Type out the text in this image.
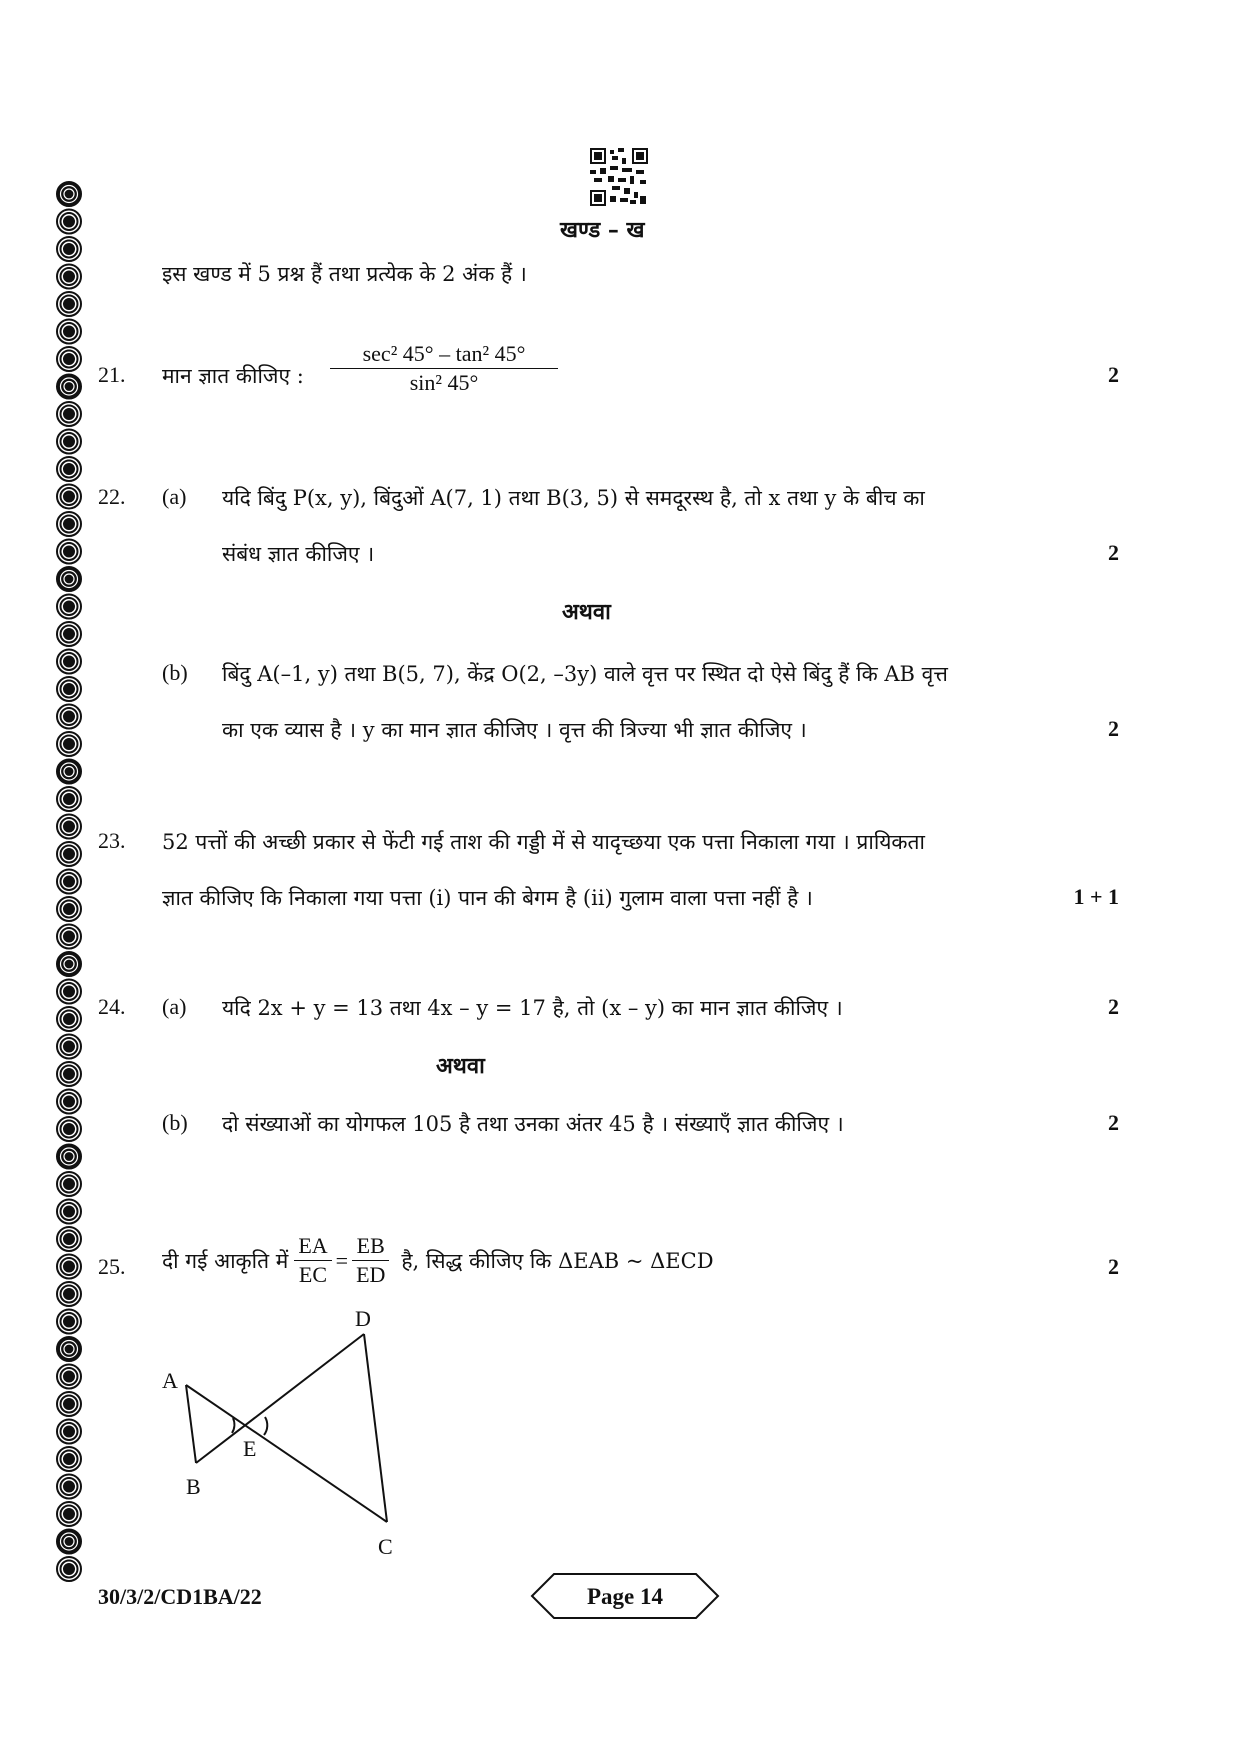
खण्ड – ख
इस खण्ड में 5 प्रश्न हैं तथा प्रत्येक के 2 अंक हैं ।
21. मान ज्ञात कीजिए : $\frac{\text{sec² 45° – tan² 45°}}{\text{sin² 45°}}$	2
22. (a) यदि बिंदु P(x, y), बिंदुओं A(7, 1) तथा B(3, 5) से समदूरस्थ है, तो x तथा y के बीच का
संबंध ज्ञात कीजिए ।	2
अथवा
(b) बिंदु A(–1, y) तथा B(5, 7), केंद्र O(2, –3y) वाले वृत्त पर स्थित दो ऐसे बिंदु हैं कि AB वृत्त
का एक व्यास है । y का मान ज्ञात कीजिए । वृत्त की त्रिज्या भी ज्ञात कीजिए ।	2
23. 52 पत्तों की अच्छी प्रकार से फेंटी गई ताश की गड्डी में से यादृच्छया एक पत्ता निकाला गया । प्रायिकता
ज्ञात कीजिए कि निकाला गया पत्ता (i) पान की बेगम है (ii) गुलाम वाला पत्ता नहीं है ।	1 + 1
24. (a) यदि 2x + y = 13 तथा 4x – y = 17 है, तो (x – y) का मान ज्ञात कीजिए ।	2
अथवा
(b) दो संख्याओं का योगफल 105 है तथा उनका अंतर 45 है । संख्याएँ ज्ञात कीजिए ।	2
25. दी गई आकृति में $\frac{EA}{EC} = \frac{EB}{ED}$ है, सिद्ध कीजिए कि ΔEAB ~ ΔECD	2
A
B
C
D
E
30/3/2/CD1BA/22	Page 14
